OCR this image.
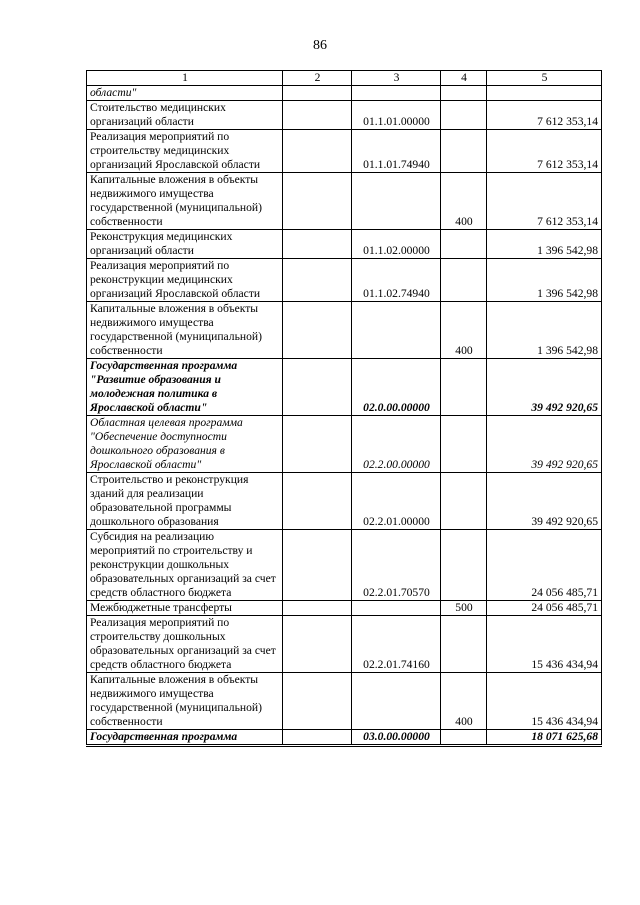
86
1	2	3	4	5
области"				
Стоительство медицинских организаций области		01.1.01.00000		7 612 353,14
Реализация мероприятий по строительству медицинских организаций Ярославской области		01.1.01.74940		7 612 353,14
Капитальные вложения в объекты недвижимого имущества государственной (муниципальной) собственности			400	7 612 353,14
Реконструкция медицинских организаций области		01.1.02.00000		1 396 542,98
Реализация мероприятий по реконструкции медицинских организаций Ярославской области		01.1.02.74940		1 396 542,98
Капитальные вложения в объекты недвижимого имущества государственной (муниципальной) собственности			400	1 396 542,98
Государственная программа "Развитие образования и молодежная политика в Ярославской области"		02.0.00.00000		39 492 920,65
Областная целевая программа "Обеспечение доступности дошкольного образования в Ярославской области"		02.2.00.00000		39 492 920,65
Строительство и реконструкция зданий для реализации образовательной программы дошкольного образования		02.2.01.00000		39 492 920,65
Субсидия на реализацию мероприятий по строительству и реконструкции дошкольных образовательных организаций за счет средств областного бюджета		02.2.01.70570		24 056 485,71
Межбюджетные трансферты			500	24 056 485,71
Реализация мероприятий по строительству дошкольных образовательных организаций за счет средств областного бюджета		02.2.01.74160		15 436 434,94
Капитальные вложения в объекты недвижимого имущества государственной (муниципальной) собственности			400	15 436 434,94
Государственная программа		03.0.00.00000		18 071 625,68
